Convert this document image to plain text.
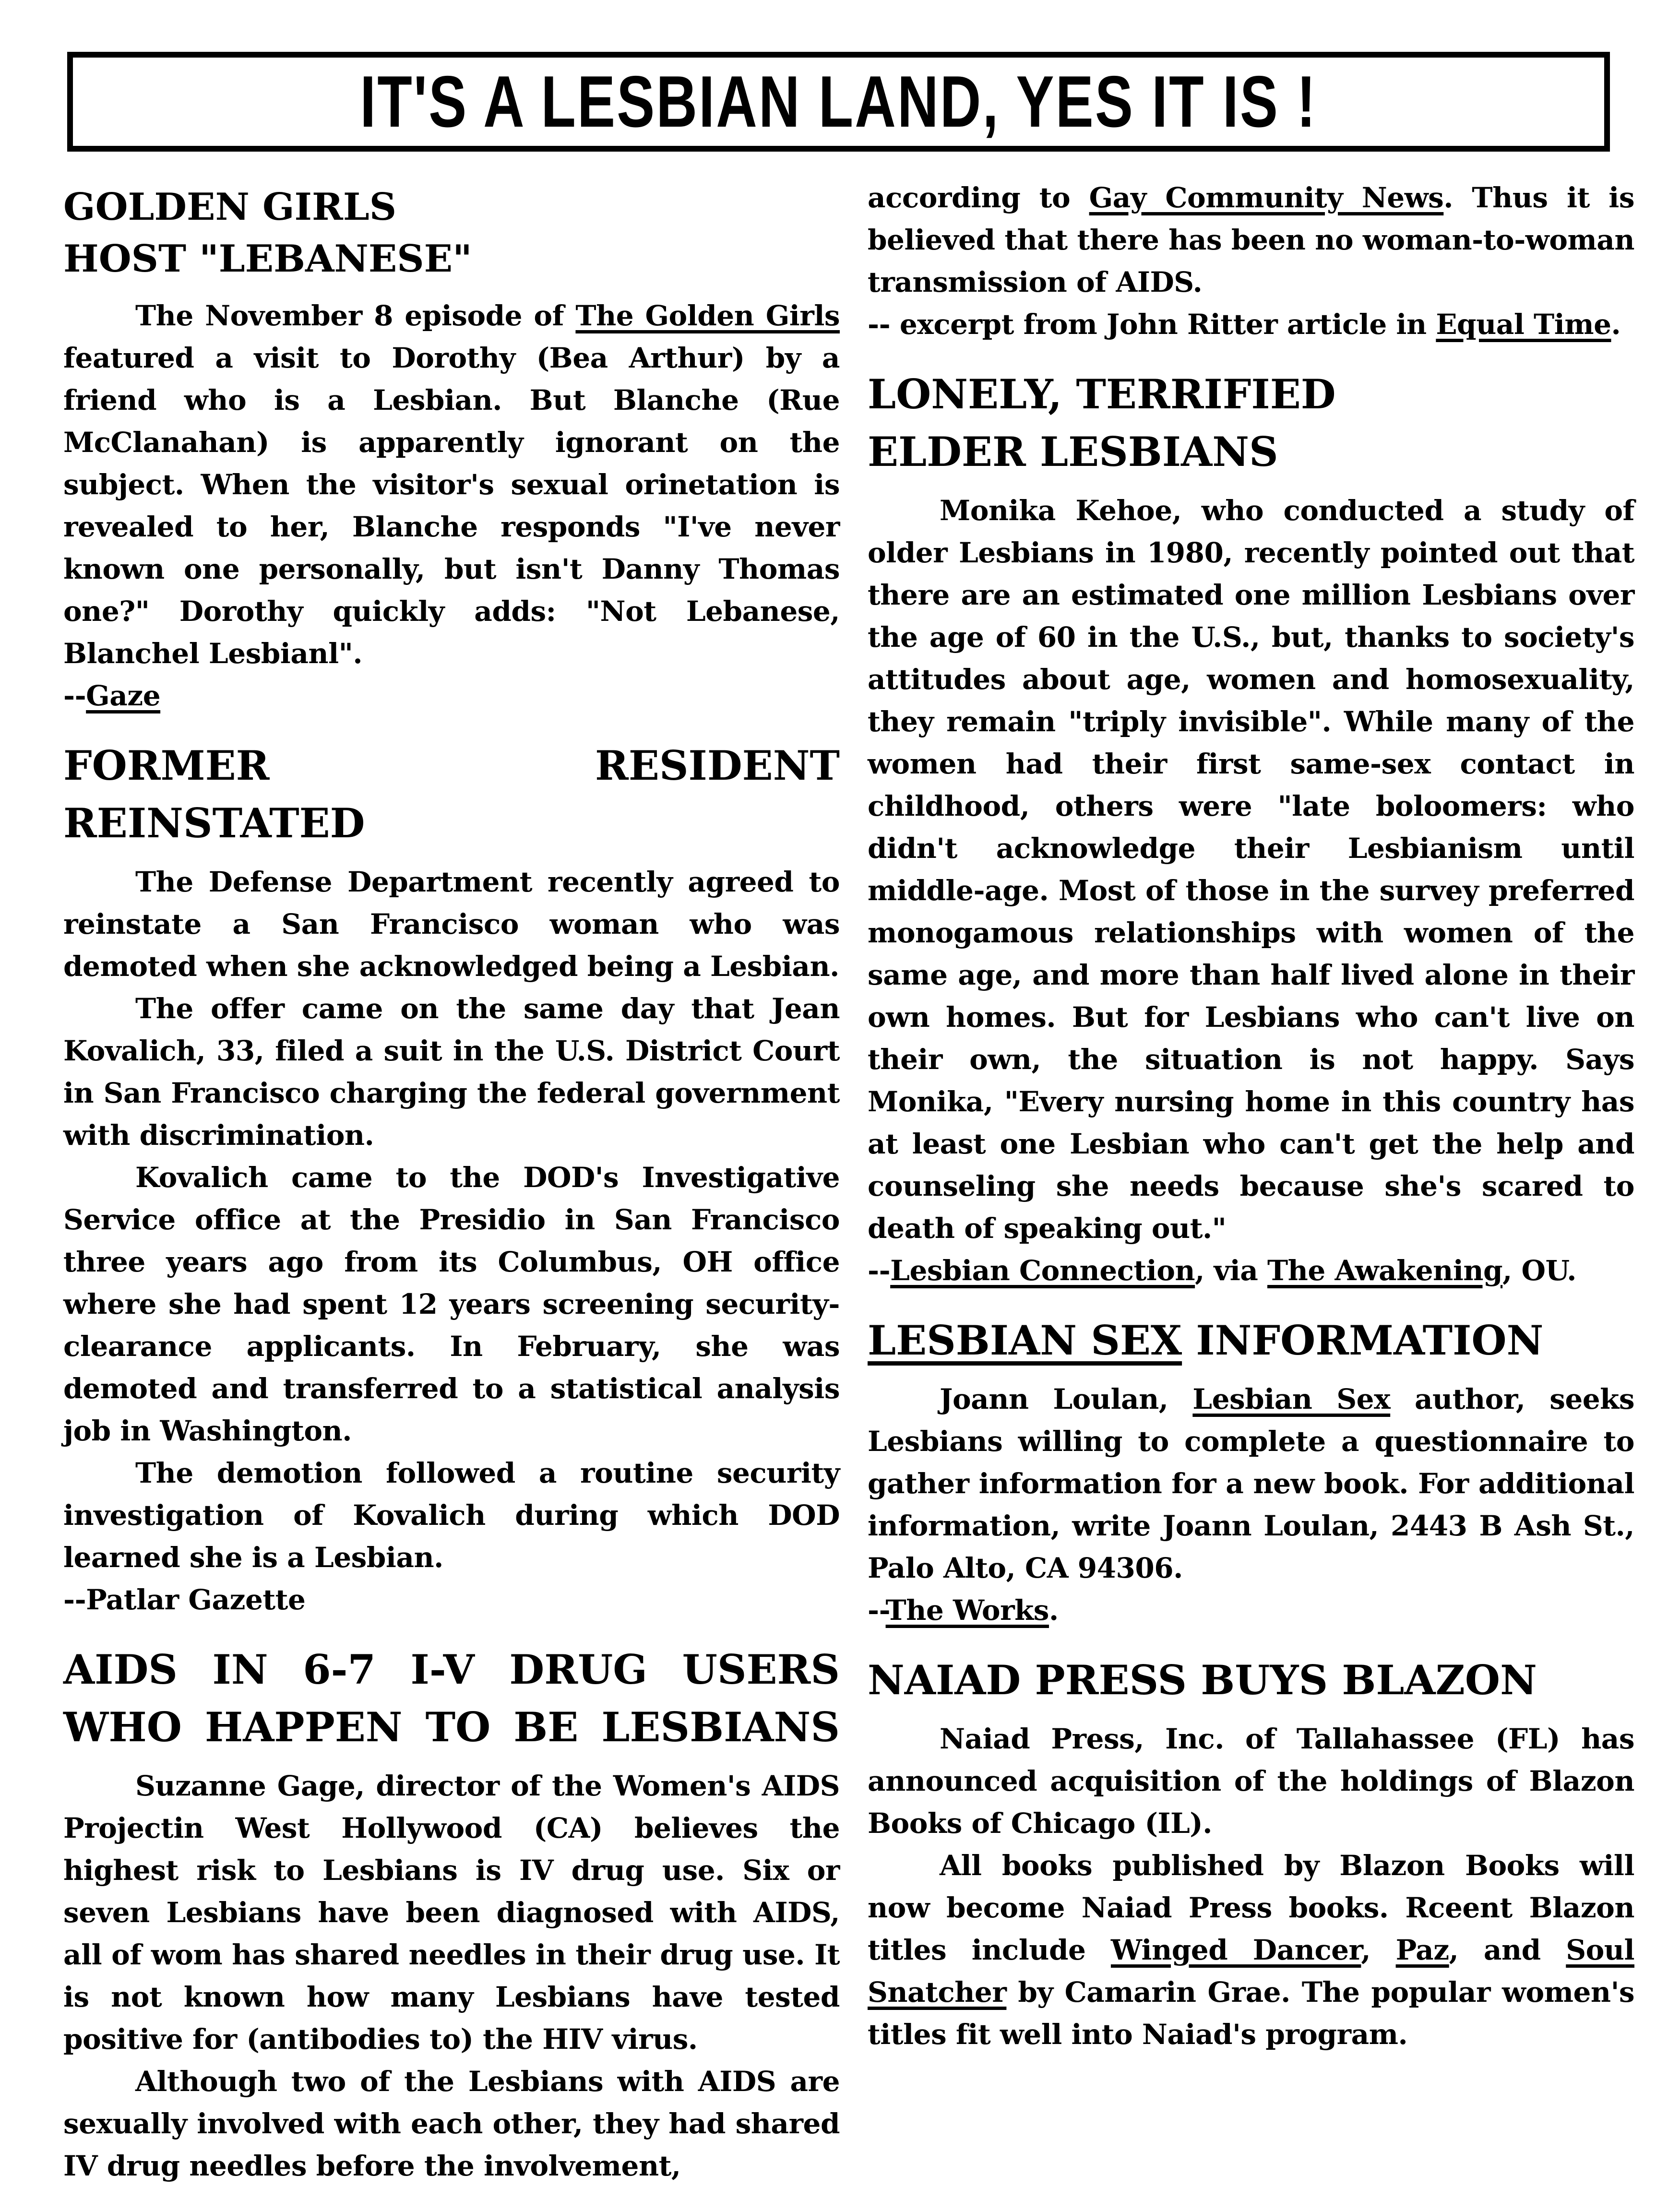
IT'S A LESBIAN LAND, YES IT IS !
GOLDEN GIRLS
HOST "LEBANESE"

The November 8 episode of The Golden Girls featured a visit to Dorothy (Bea Arthur) by a friend who is a Lesbian. But Blanche (Rue McClanahan) is apparently ignorant on the subject. When the visitor's sexual orinetation is revealed to her, Blanche responds "I've never known one personally, but isn't Danny Thomas one?" Dorothy quickly adds: "Not Lebanese, Blanchel Lesbianl".

--Gaze

FORMER RESIDENT REINSTATED

The Defense Department recently agreed to reinstate a San Francisco woman who was demoted when she acknowledged being a Lesbian.

The offer came on the same day that Jean Kovalich, 33, filed a suit in the U.S. District Court in San Francisco charging the federal government with discrimination.

Kovalich came to the DOD's Investigative Service office at the Presidio in San Francisco three years ago from its Columbus, OH office where she had spent 12 years screening security-clearance applicants. In February, she was demoted and transferred to a statistical analysis job in Washington.

The demotion followed a routine security investigation of Kovalich during which DOD learned she is a Lesbian.

--Patlar Gazette

AIDS IN 6-7 I-V DRUG USERS
WHO HAPPEN TO BE LESBIANS

Suzanne Gage, director of the Women's AIDS Projectin West Hollywood (CA) believes the highest risk to Lesbians is IV drug use. Six or seven Lesbians have been diagnosed with AIDS, all of wom has shared needles in their drug use. It is not known how many Lesbians have tested positive for (antibodies to) the HIV virus.

Although two of the Lesbians with AIDS are sexually involved with each other, they had shared IV drug needles before the involvement,

according to Gay Community News. Thus it is believed that there has been no woman-to-woman transmission of AIDS.

-- excerpt from John Ritter article in Equal Time.

LONELY, TERRIFIED
ELDER LESBIANS

Monika Kehoe, who conducted a study of older Lesbians in 1980, recently pointed out that there are an estimated one million Lesbians over the age of 60 in the U.S., but, thanks to society's attitudes about age, women and homosexuality, they remain "triply invisible". While many of the women had their first same-sex contact in childhood, others were "late boloomers: who didn't acknowledge their Lesbianism until middle-age. Most of those in the survey preferred monogamous relationships with women of the same age, and more than half lived alone in their own homes. But for Lesbians who can't live on their own, the situation is not happy. Says Monika, "Every nursing home in this country has at least one Lesbian who can't get the help and counseling she needs because she's scared to death of speaking out."

--Lesbian Connection, via The Awakening, OU.

LESBIAN SEX INFORMATION

Joann Loulan, Lesbian Sex author, seeks Lesbians willing to complete a questionnaire to gather information for a new book. For additional information, write Joann Loulan, 2443 B Ash St., Palo Alto, CA 94306.

--The Works.

NAIAD PRESS BUYS BLAZON

Naiad Press, Inc. of Tallahassee (FL) has announced acquisition of the holdings of Blazon Books of Chicago (IL).

All books published by Blazon Books will now become Naiad Press books. Rceent Blazon titles include Winged Dancer, Paz, and Soul Snatcher by Camarin Grae. The popular women's titles fit well into Naiad's program.
